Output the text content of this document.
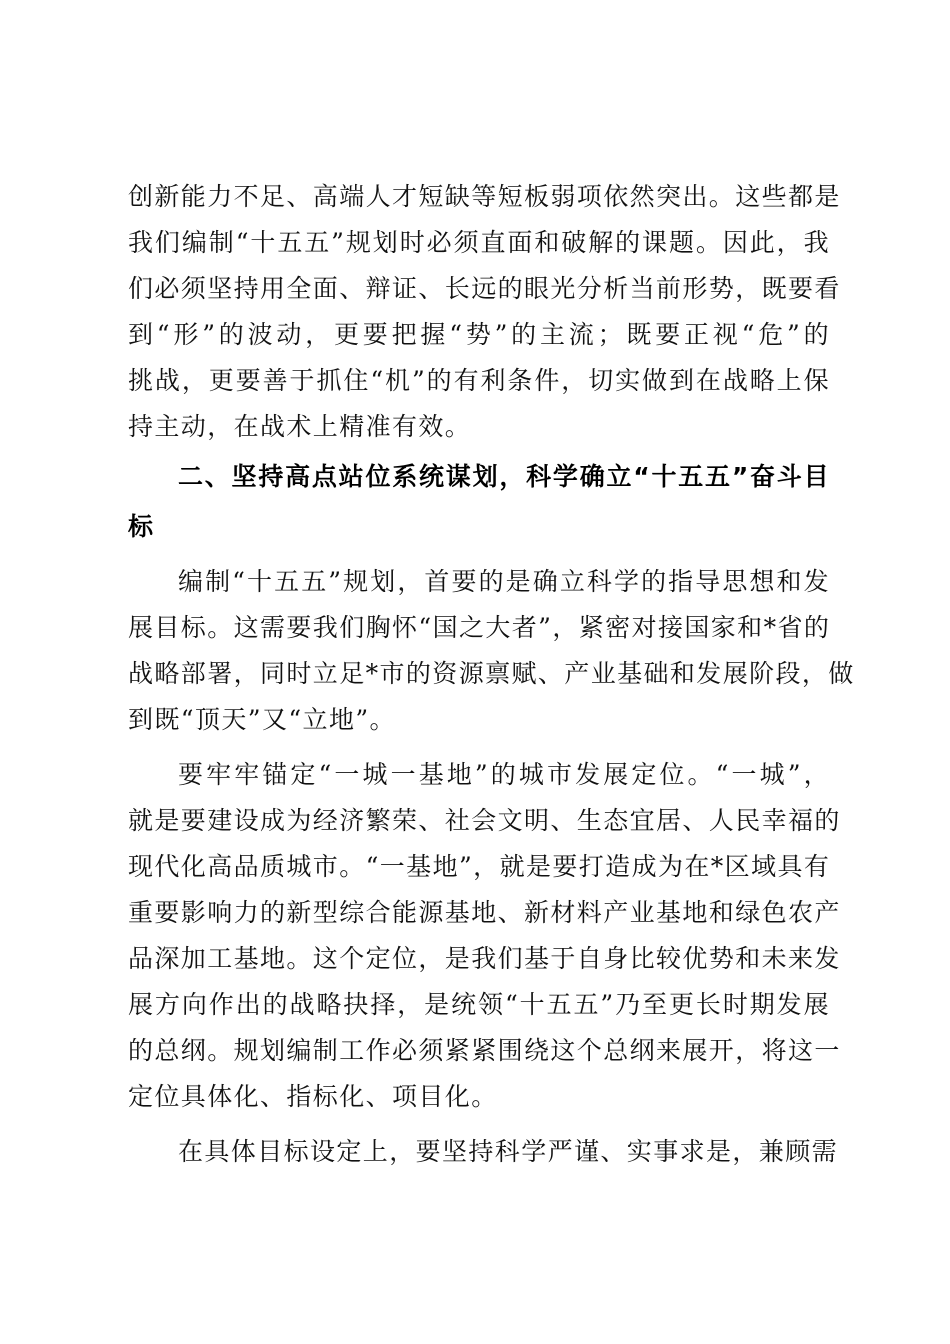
创新能力不足、高端人才短缺等短板弱项依然突出。这些都是
我们编制“十五五”规划时必须直面和破解的课题。因此，我
们必须坚持用全面、辩证、长远的眼光分析当前形势，既要看
到“形”的波动，更要把握“势”的主流；既要正视“危”的
挑战，更要善于抓住“机”的有利条件，切实做到在战略上保
持主动，在战术上精准有效。
二、坚持高点站位系统谋划，科学确立“十五五”奋斗目
标
编制“十五五”规划，首要的是确立科学的指导思想和发
展目标。这需要我们胸怀“国之大者”，紧密对接国家和*省的
战略部署，同时立足*市的资源禀赋、产业基础和发展阶段，做
到既“顶天”又“立地”。
要牢牢锚定“一城一基地”的城市发展定位。“一城”，
就是要建设成为经济繁荣、社会文明、生态宜居、人民幸福的
现代化高品质城市。“一基地”，就是要打造成为在*区域具有
重要影响力的新型综合能源基地、新材料产业基地和绿色农产
品深加工基地。这个定位，是我们基于自身比较优势和未来发
展方向作出的战略抉择，是统领“十五五”乃至更长时期发展
的总纲。规划编制工作必须紧紧围绕这个总纲来展开，将这一
定位具体化、指标化、项目化。
在具体目标设定上，要坚持科学严谨、实事求是，兼顾需
